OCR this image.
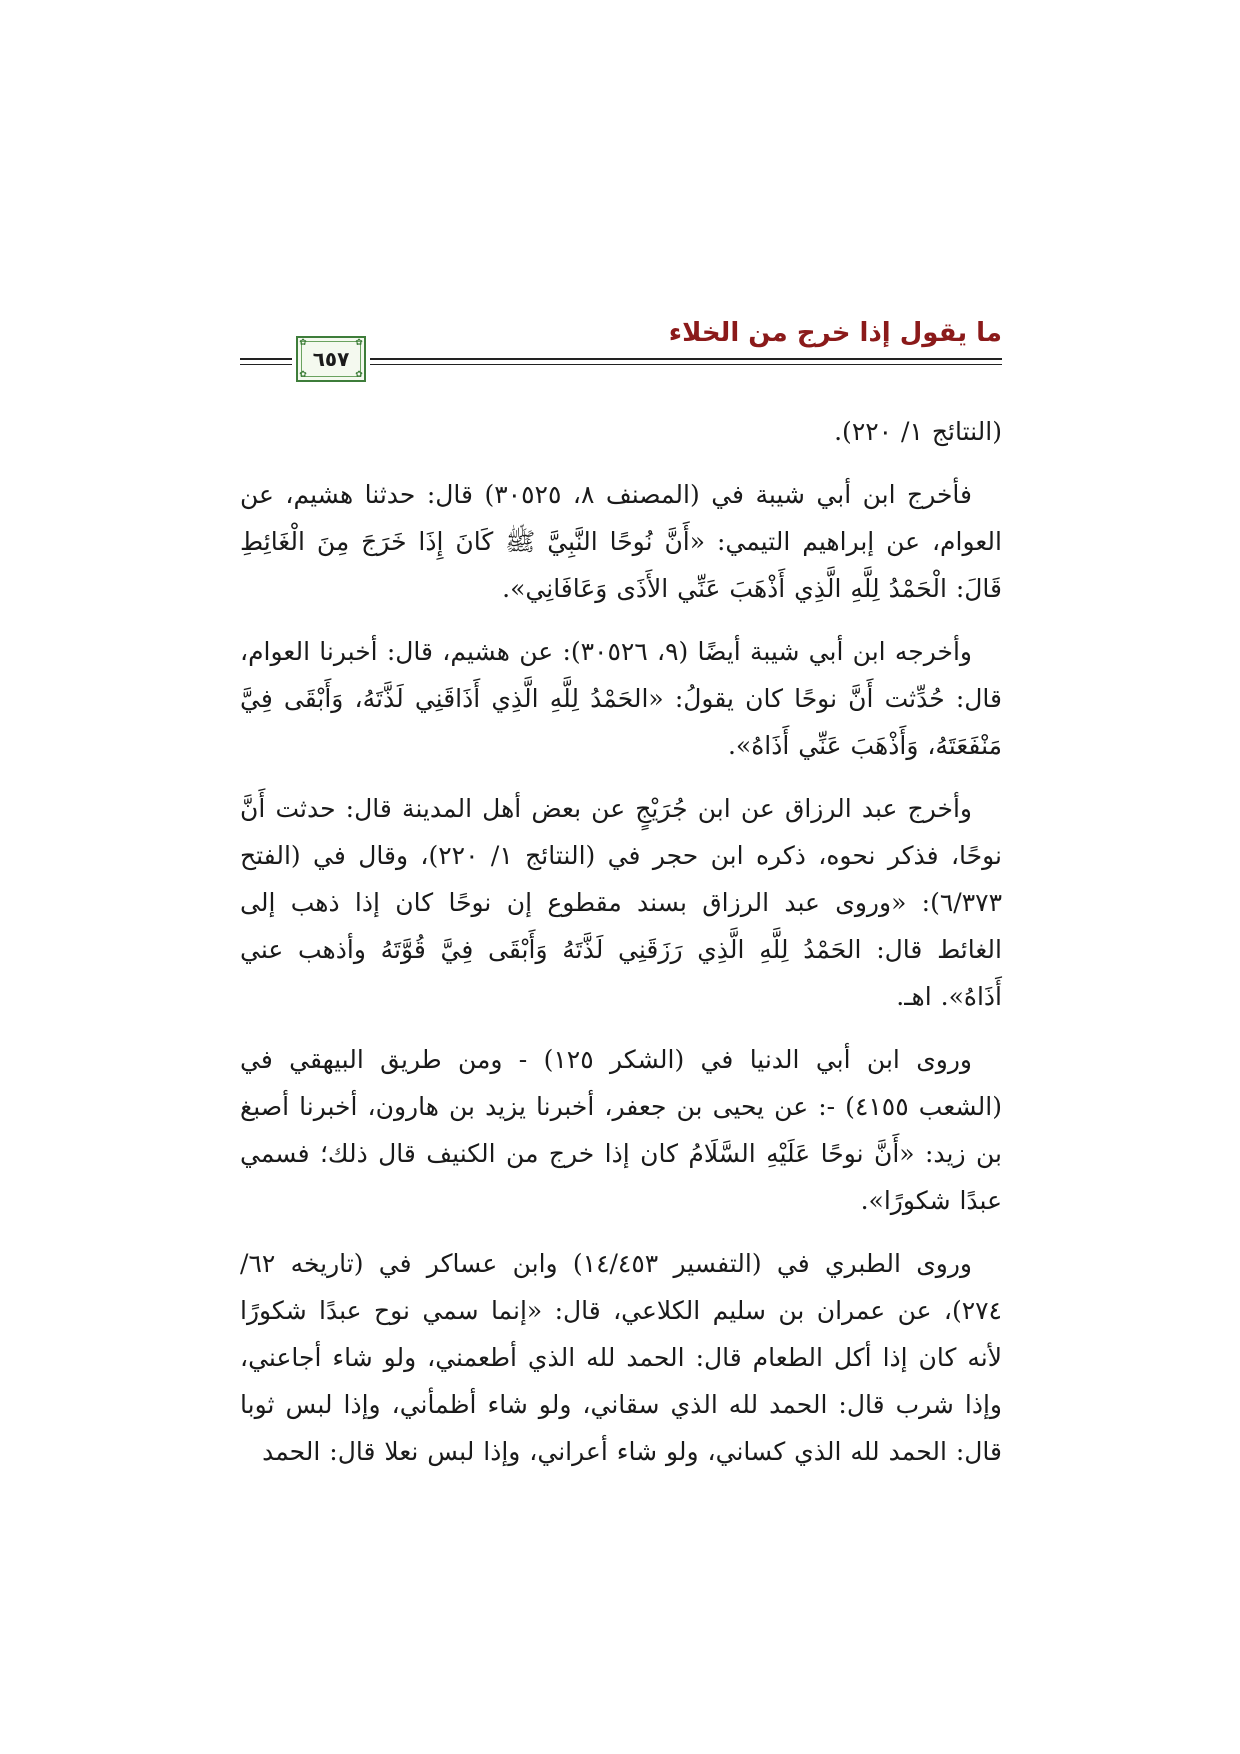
ما يقول إذا خرج من الخلاء
✿	✿
✿	✿
٦٥٧

(النتائج ١/ ٢٢٠).

فأخرج ابن أبي شيبة في (المصنف ٨، ٣٠٥٢٥) قال: حدثنا هشيم، عن العوام، عن إبراهيم التيمي: «أَنَّ نُوحًا النَّبِيَّ ﷺ كَانَ إِذَا خَرَجَ مِنَ الْغَائِطِ قَالَ: الْحَمْدُ لِلَّهِ الَّذِي أَذْهَبَ عَنِّي الأَذَى وَعَافَانِي».

وأخرجه ابن أبي شيبة أيضًا (٩، ٣٠٥٢٦): عن هشيم، قال: أخبرنا العوام، قال: حُدِّثت أَنَّ نوحًا كان يقولُ: «الحَمْدُ لِلَّهِ الَّذِي أَذَاقَنِي لَذَّتَهُ، وَأَبْقَى فِيَّ مَنْفَعَتَهُ، وَأَذْهَبَ عَنِّي أَذَاهُ».

وأخرج عبد الرزاق عن ابن جُرَيْجٍ عن بعض أهل المدينة قال: حدثت أَنَّ نوحًا، فذكر نحوه، ذكره ابن حجر في (النتائج ١/ ٢٢٠)، وقال في (الفتح ٦/٣٧٣): «وروى عبد الرزاق بسند مقطوع إن نوحًا كان إذا ذهب إلى الغائط قال: الحَمْدُ لِلَّهِ الَّذِي رَزَقَنِي لَذَّتَهُ وَأَبْقَى فِيَّ قُوَّتَهُ وأذهب عني أَذَاهُ». اهـ.

وروى ابن أبي الدنيا في (الشكر ١٢٥) - ومن طريق البيهقي في (الشعب ٤١٥٥) -: عن يحيى بن جعفر، أخبرنا يزيد بن هارون، أخبرنا أصبغ بن زيد: «أَنَّ نوحًا عَلَيْهِ السَّلَامُ كان إذا خرج من الكنيف قال ذلك؛ فسمي عبدًا شكورًا».

وروى الطبري في (التفسير ١٤/٤٥٣) وابن عساكر في (تاريخه ٦٢/ ٢٧٤)، عن عمران بن سليم الكلاعي، قال: «إنما سمي نوح عبدًا شكورًا لأنه كان إذا أكل الطعام قال: الحمد لله الذي أطعمني، ولو شاء أجاعني، وإذا شرب قال: الحمد لله الذي سقاني، ولو شاء أظمأني، وإذا لبس ثوبا قال: الحمد لله الذي كساني، ولو شاء أعراني، وإذا لبس نعلا قال: الحمد
